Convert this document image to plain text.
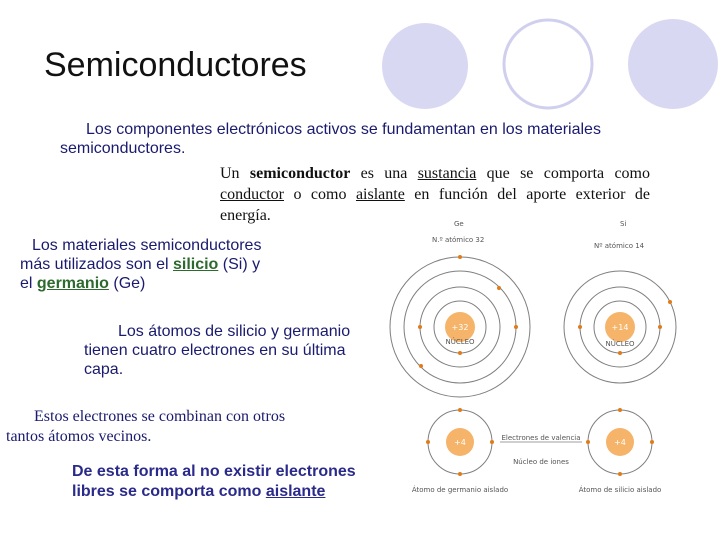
Semiconductores
Los componentes electrónicos activos se fundamentan en los materiales
semiconductores.
Un semiconductor es una sustancia que se comporta como conductor o como aislante en función del aporte exterior de energía.
Los materiales semiconductores
más utilizados son el silicio (Si) y
el germanio (Ge)
Los átomos de silicio y germanio
tienen cuatro electrones en su última
capa.
Estos electrones se combinan con otros
tantos átomos vecinos.
De esta forma al no existir electrones
libres se comporta como aislante
Ge
N.º atómico 32
+32
NÚCLEO
Si
Nº atómico 14
+14
NÚCLEO
+4	+4
Electrones de valencia
Núcleo de iones
Átomo de germanio aislado	Átomo de silicio aislado
